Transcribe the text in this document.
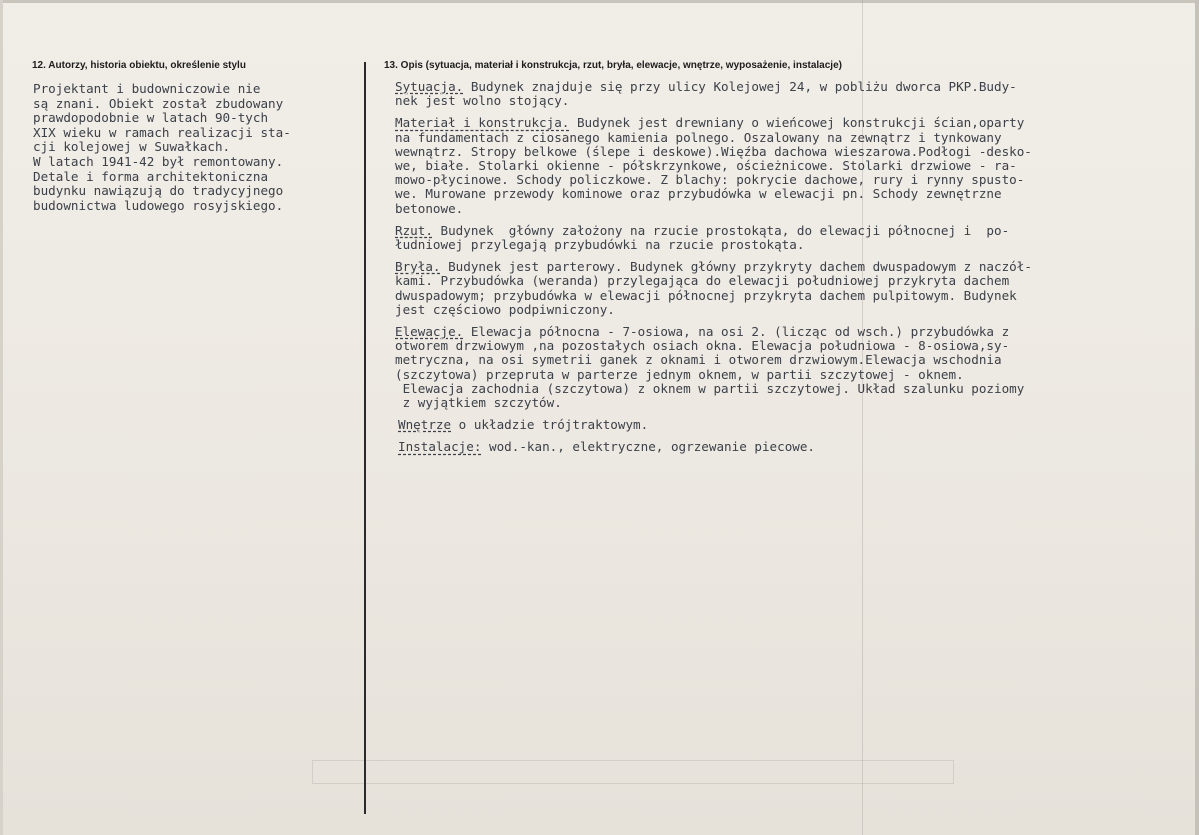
12. Autorzy, historia obiektu, określenie stylu	13. Opis (sytuacja, materiał i konstrukcja, rzut, bryła, elewacje, wnętrze, wyposażenie, instalacje)
Projektant i budowniczowie nie
są znani. Obiekt został zbudowany
prawdopodobnie w latach 90-tych
XIX wieku w ramach realizacji sta-
cji kolejowej w Suwałkach.
W latach 1941-42 był remontowany.
Detale i forma architektoniczna
budynku nawiązują do tradycyjnego
budownictwa ludowego rosyjskiego.
Sytuacja. Budynek znajduje się przy ulicy Kolejowej 24, w pobliżu dworca PKP.Budy-
nek jest wolno stojący.
Materiał i konstrukcja. Budynek jest drewniany o wieńcowej konstrukcji ścian,oparty
na fundamentach z ciosanego kamienia polnego. Oszalowany na zewnątrz i tynkowany
wewnątrz. Stropy belkowe (ślepe i deskowe).Więźba dachowa wieszarowa.Podłogi -desko-
we, białe. Stolarki okienne - półskrzynkowe, ościeżnicowe. Stolarki drzwiowe - ra-
mowo-płycinowe. Schody policzkowe. Z blachy: pokrycie dachowe, rury i rynny spusto-
we. Murowane przewody kominowe oraz przybudówka w elewacji pn. Schody zewnętrzne
betonowe.
Rzut. Budynek  główny założony na rzucie prostokąta, do elewacji północnej i  po-
łudniowej przylegają przybudówki na rzucie prostokąta.
Bryła. Budynek jest parterowy. Budynek główny przykryty dachem dwuspadowym z naczół-
kami. Przybudówka (weranda) przylegająca do elewacji południowej przykryta dachem
dwuspadowym; przybudówka w elewacji północnej przykryta dachem pulpitowym. Budynek
jest częściowo podpiwniczony.
Elewacje. Elewacja północna - 7-osiowa, na osi 2. (licząc od wsch.) przybudówka z
otworem drzwiowym ,na pozostałych osiach okna. Elewacja południowa - 8-osiowa,sy-
metryczna, na osi symetrii ganek z oknami i otworem drzwiowym.Elewacja wschodnia
(szczytowa) przepruta w parterze jednym oknem, w partii szczytowej - oknem.
Elewacja zachodnia (szczytowa) z oknem w partii szczytowej. Układ szalunku poziomy
z wyjątkiem szczytów.
Wnętrze o układzie trójtraktowym.
Instalacje: wod.-kan., elektryczne, ogrzewanie piecowe.
